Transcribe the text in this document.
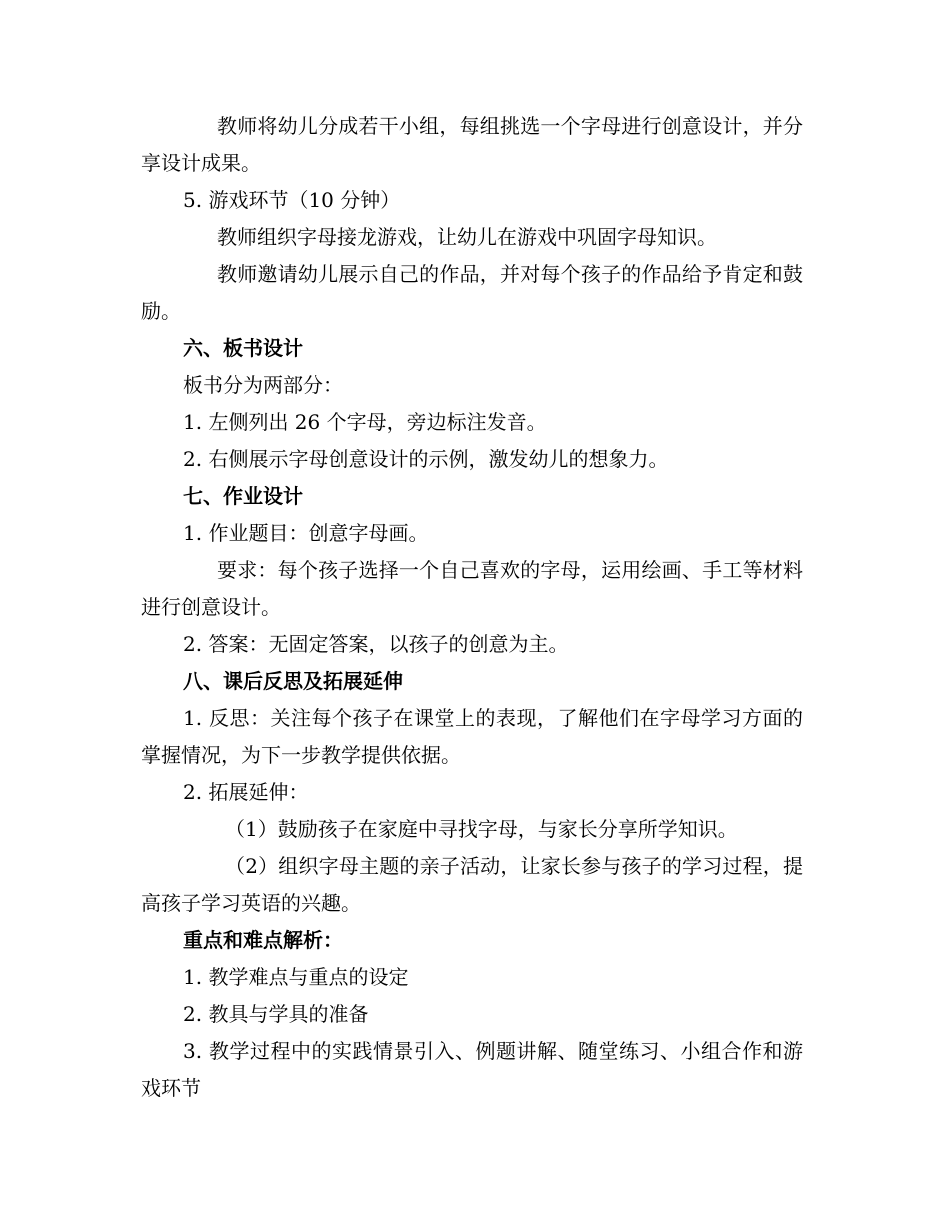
教师将幼儿分成若干小组，每组挑选一个字母进行创意设计，并分享设计成果。

5. 游戏环节（10 分钟）
教师组织字母接龙游戏，让幼儿在游戏中巩固字母知识。

教师邀请幼儿展示自己的作品，并对每个孩子的作品给予肯定和鼓励。

六、板书设计
板书分为两部分：
1. 左侧列出 26 个字母，旁边标注发音。
2. 右侧展示字母创意设计的示例，激发幼儿的想象力。
七、作业设计
1. 作业题目：创意字母画。

要求：每个孩子选择一个自己喜欢的字母，运用绘画、手工等材料进行创意设计。

2. 答案：无固定答案，以孩子的创意为主。
八、课后反思及拓展延伸

1. 反思：关注每个孩子在课堂上的表现，了解他们在字母学习方面的掌握情况，为下一步教学提供依据。

2. 拓展延伸：
（1）鼓励孩子在家庭中寻找字母，与家长分享所学知识。

（2）组织字母主题的亲子活动，让家长参与孩子的学习过程，提高孩子学习英语的兴趣。

重点和难点解析：
1. 教学难点与重点的设定
2. 教具与学具的准备

3. 教学过程中的实践情景引入、例题讲解、随堂练习、小组合作和游戏环节
